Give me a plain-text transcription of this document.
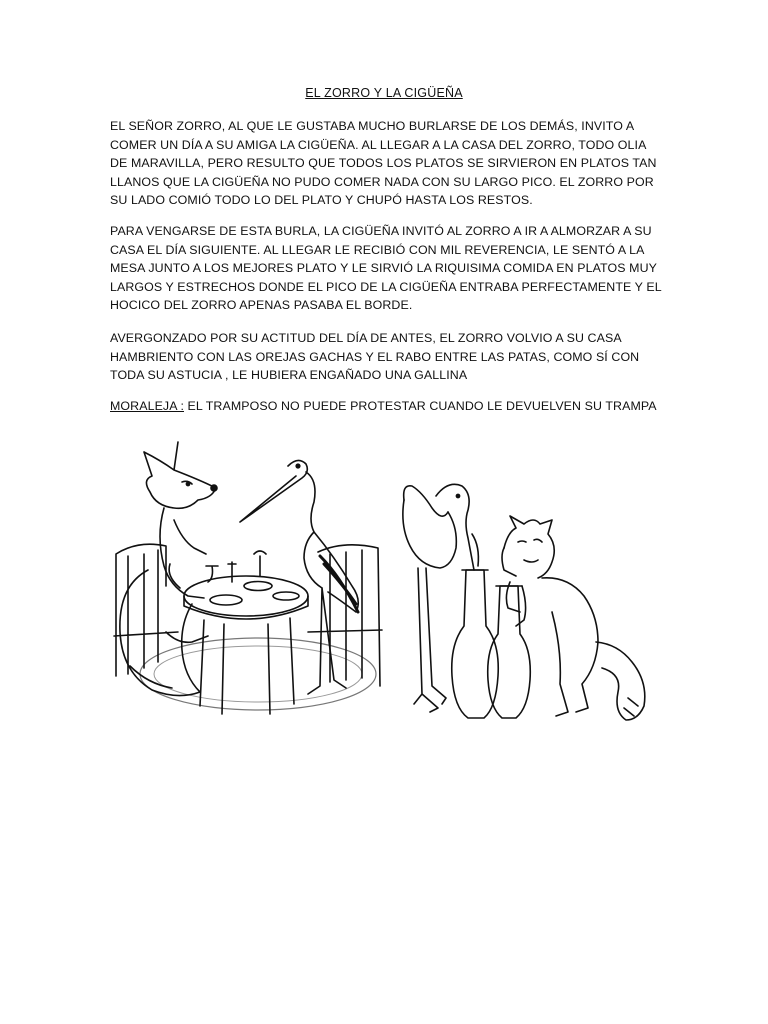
EL ZORRO Y LA CIGÜEÑA

EL SEÑOR ZORRO, AL QUE LE GUSTABA MUCHO BURLARSE DE LOS DEMÁS, INVITO A COMER UN DÍA A SU AMIGA LA CIGÜEÑA. AL LLEGAR A LA CASA DEL ZORRO, TODO OLIA DE MARAVILLA, PERO RESULTO QUE TODOS LOS PLATOS SE SIRVIERON EN PLATOS TAN LLANOS QUE LA CIGÜEÑA NO PUDO COMER NADA CON SU LARGO PICO. EL ZORRO POR SU LADO COMIÓ TODO LO DEL PLATO Y CHUPÓ HASTA LOS RESTOS.

PARA VENGARSE DE ESTA BURLA, LA CIGÜEÑA INVITÓ AL ZORRO A IR A ALMORZAR A SU CASA EL DÍA SIGUIENTE. AL LLEGAR LE RECIBIÓ CON MIL REVERENCIA, LE SENTÓ A LA MESA JUNTO A LOS MEJORES PLATO Y LE SIRVIÓ LA RIQUISIMA COMIDA EN PLATOS MUY LARGOS Y ESTRECHOS DONDE EL PICO DE LA CIGÜEÑA ENTRABA PERFECTAMENTE Y EL HOCICO DEL ZORRO APENAS PASABA EL BORDE.

AVERGONZADO POR SU ACTITUD DEL DÍA DE ANTES, EL ZORRO VOLVIO A SU CASA HAMBRIENTO CON LAS OREJAS GACHAS Y EL RABO ENTRE LAS PATAS, COMO SÍ CON TODA SU ASTUCIA , LE HUBIERA ENGAÑADO UNA GALLINA

MORALEJA : EL TRAMPOSO NO PUEDE PROTESTAR CUANDO LE DEVUELVEN SU TRAMPA
